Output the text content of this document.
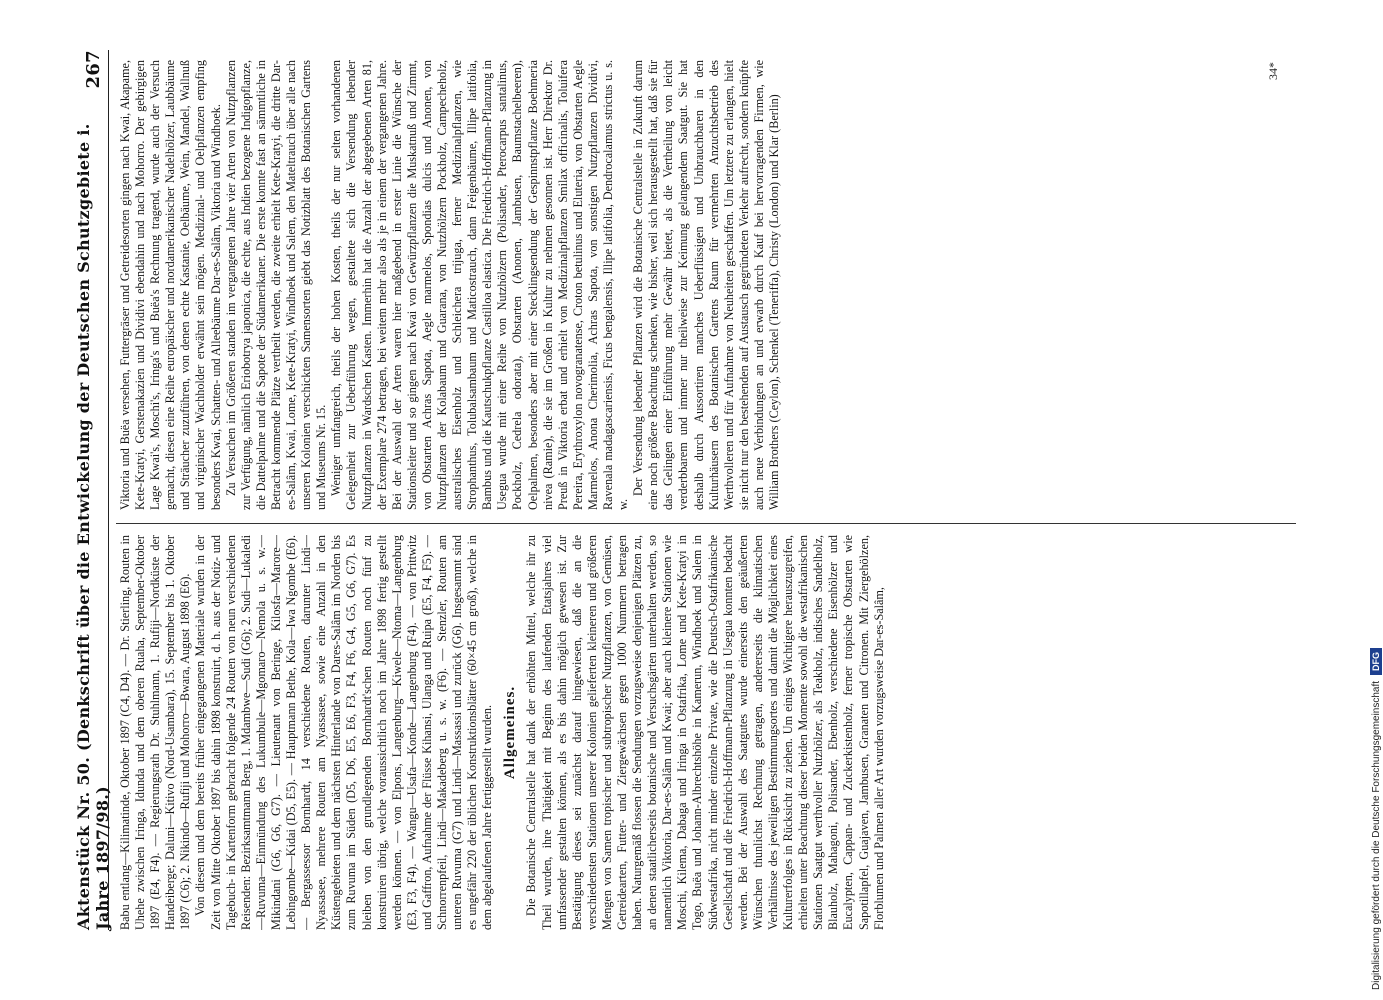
Aktenstück Nr. 50. (Denkschrift über die Entwickelung der Deutschen Schutzgebiete i. Jahre 1897/98.)
267

Babu entlang—Kilimatinde, Oktober 1897 (C4, D4). — Dr. Stierling, Routen in Uhehe zwischen Iringa, Idunda und dem oberen Ruaha, September-Oktober 1897 (E4, F4). — Regierungsrath Dr. Stuhlmann, 1. Rufiji—Nordküste der Handeiberge; Daluni—Kitivo (Nord-Usambara), 15. September bis 1. Oktober 1897 (C6); 2. Nikindo—Rufiji und Mohorro—Bwara, August 1898 (E6). Von diesem und dem bereits früher eingegangenen Materiale wurden in der Zeit von Mitte Oktober 1897 bis dahin 1898 konstruirt, d. h. aus der Notiz- und Tagebuch- in Kartenform gebracht folgende 24 Routen von neun verschiedenen Reisenden: Bezirksamtmann Berg, 1. Mdambwe—Sudi (G6); 2. Sudi—Lukaledi—Ruvuma—Einmündung des Lukumbule—Mgomaro—Nemola u. s. w.—Mikindani (G6, G6, G7). — Lieutenant von Beringe, Kilosfa—Marore—Lebingombe—Kidai (D5, E5). — Hauptmann Bethe, Kola—Iwa Ngombe (E6). — Bergassessor Bornhardt, 14 verschiedene Routen, darunter Lindi—Nyassasee, mehrere Routen am Nyassasee, sowie eine Anzahl in den Küstengebieten und dem nächsten Hinterlande von Dares-Salâm im Norden bis zum Ruvuma im Süden (D5, D6, E5, E6, F3, F4, F6, G4, G5, G6, G7). Es bleiben von den grundlegenden Bornhardt'schen Routen noch fünf zu konstruiren übrig, welche voraussichtlich noch im Jahre 1898 fertig gestellt werden können. — von Elpons, Langenburg—Kiwele—Ntoma—Langenburg (E3, F3, F4). — Wangu—Usafa—Konde—Langenburg (F4). — von Prittwitz und Gaffron, Aufnahme der Flüsse Kihansi, Ulanga und Ruipa (E5, F4, F5). — Schnorrenpfeil, Lindi—Makadeberg u. s. w. (F6). — Stenzler, Routen am unteren Ruvuma (G7) und Lindi—Massassi und zurück (G6). Insgesammt sind es ungefähr 220 der üblichen Konstruktionsblätter (60×45 cm groß), welche in dem abgelaufenen Jahre fertiggestellt wurden. Allgemeines. Die Botanische Centralstelle hat dank der erhöhten Mittel, welche ihr zu Theil wurden, ihre Thätigkeit mit Beginn des laufenden Etatsjahres viel umfassender gestalten können, als es bis dahin möglich gewesen ist. Zur Bestätigung dieses sei zunächst darauf hingewiesen, daß die an die verschiedensten Stationen unserer Kolonien gelieferten kleineren und größeren Mengen von Samen tropischer und subtropischer Nutzpflanzen, von Gemüsen, Getreidearten, Futter- und Ziergewächsen gegen 1000 Nummern betragen haben. Naturgemäß flossen die Sendungen vorzugsweise denjenigen Plätzen zu, an denen staatlicherseits botanische und Versuchsgärten unterhalten werden, so namentlich Viktoria, Dar-es-Salâm und Kwai; aber auch kleinere Stationen wie Moschi, Kilema, Dabaga und Iringa in Ostafrika, Lome und Kete-Kratyi in Togo, Buëa und Johann-Albrechtshöhe in Kamerun, Windhoek und Salem in Südwestafrika, nicht minder einzelne Private, wie die Deutsch-Ostafrikanische Gesellschaft und die Friedrich-Hoffmann-Pflanzung in Usegua konnten bedacht werden. Bei der Auswahl des Saatgutes wurde einerseits den geäußerten Wünschen thunlichst Rechnung getragen, andererseits die klimatischen Verhältnisse des jeweiligen Bestimmungsortes und damit die Möglichkeit eines Kulturerfolges in Rücksicht zu ziehen. Um einiges Wichtigere herauszugreifen, erhielten unter Beachtung dieser beiden Momente sowohl die westafrikanischen Stationen Saatgut werthvoller Nutzhölzer, als Teakholz, indisches Sandelholz, Blauholz, Mahagoni, Polisander, Ebenholz, verschiedene Eisenhölzer und Eucalypten, Cappan- und Zuckerkistenholz, ferner tropische Obstarten wie Sapotillapfel, Guajaven, Jambusen, Granaten und Citronen. Mit Ziergehölzen, Florblumen und Palmen aller Art wurden vorzugsweise Dar-es-Salâm,

Viktoria und Buëa versehen, Futtergräser und Getreidesorten gingen nach Kwai, Akapame, Kete-Kratyi, Gerstenakazien und Dividivi ebendahin und nach Mohorro. Der gebirgigen Lage Kwai's, Moschi's, Iringa's und Buëa's Rechnung tragend, wurde auch der Versuch gemacht, diesen eine Reihe europäischer und nordamerikanischer Nadelhölzer, Laubbäume und Sträucher zuzuführen, von denen echte Kastanie, Oelbäume, Wein, Mandel, Wallnuß und virginischer Wachholder erwähnt sein mögen. Medizinal- und Oelpflanzen empfing besonders Kwai, Schatten- und Alleebäume Dar-es-Salâm, Viktoria und Windhoek. Zu Versuchen im Größeren standen im vergangenen Jahre vier Arten von Nutzpflanzen zur Verfügung, nämlich Eriobotrya japonica, die echte, aus Indien bezogene Indigopflanze, die Dattelpalme und die Sapote der Südamerikaner. Die erste konnte fast an sämmtliche in Betracht kommende Plätze vertheilt werden, die zweite erhielt Kete-Kratyi, die dritte Dar-es-Salâm, Kwai, Lome, Kete-Kratyi, Windhoek und Salem, den Mateltrauch über alle nach unseren Kolonien verschickten Samensorten giebt das Notizblatt des Botanischen Gartens und Museums Nr. 15. Weniger umfangreich, theils der hohen Kosten, theils der nur selten vorhandenen Gelegenheit zur Ueberführung wegen, gestaltete sich die Versendung lebender Nutzpflanzen in Wardschen Kasten. Immerhin hat die Anzahl der abgegebenen Arten 81, der Exemplare 274 betragen, bei weitem mehr also als je in einem der vergangenen Jahre. Bei der Auswahl der Arten waren hier maßgebend in erster Linie die Wünsche der Stationsleiter und so gingen nach Kwai von Gewürzpflanzen die Muskatnuß und Zimmt, von Obstarten Achras Sapota, Aegle marmelos, Spondias dulcis und Anonen, von Nutzpflanzen der Kolabaum und Guarana, von Nutzhölzern Pockholz, Campecheholz, australisches Eisenholz und Schleichera trijuga, ferner Medizinalpflanzen, wie Strophanthus, Tolubalsambaum und Maticostrauch, dann Feigenbäume, Illipe latifolia, Bambus und die Kautschukpflanze Castilloa elastica. Die Friedrich-Hoffmann-Pflanzung in Usegua wurde mit einer Reihe von Nutzhölzern (Polisander, Pterocarpus santalinus, Pockholz, Cedrela odorata), Obstarten (Anonen, Jambusen, Baumstachelbeeren), Oelpalmen, besonders aber mit einer Stecklingsendung der Gespinnstpflanze Boehmeria nivea (Ramie), die sie im Großen in Kultur zu nehmen gesonnen ist. Herr Direktor Dr. Preuß in Viktoria erbat und erhielt von Medizinalpflanzen Smilax officinalis, Toluifera Pereira, Erythroxylon novogranatense, Croton betulinus und Eluteria, von Obstarten Aegle Marmelos, Anona Cherimolia, Achras Sapota, von sonstigen Nutzpflanzen Dividivi, Ravenala madagascariensis, Ficus bengalensis, Illipe latifolia, Dendrocalamus strictus u. s. w.

Der Versendung lebender Pflanzen wird die Botanische Centralstelle in Zukunft darum eine noch größere Beachtung schenken, wie bisher, weil sich herausgestellt hat, daß sie für das Gelingen einer Einführung mehr Gewähr bietet, als die Vertheilung von leicht verderbbarem und immer nur theilweise zur Keimung gelangendem Saatgut. Sie hat deshalb durch Aussortiren manches Ueberflüssigen und Unbrauchbaren in den Kulturhäusern des Botanischen Gartens Raum für vermehrten Anzuchtsbetrieb des Werthvolleren und für Aufnahme von Neuheiten geschaffen. Um letztere zu erlangen, hielt sie nicht nur den bestehenden auf Austausch gegründeten Verkehr aufrecht, sondern knüpfte auch neue Verbindungen an und erwarb durch Kauf bei hervorragenden Firmen, wie William Brothers (Ceylon), Schenkel (Teneriffa), Christy (London) und Klar (Berlin)

34*
Digitalisierung gefördert durch die Deutsche Forschungsgemeinschaft
DFG
